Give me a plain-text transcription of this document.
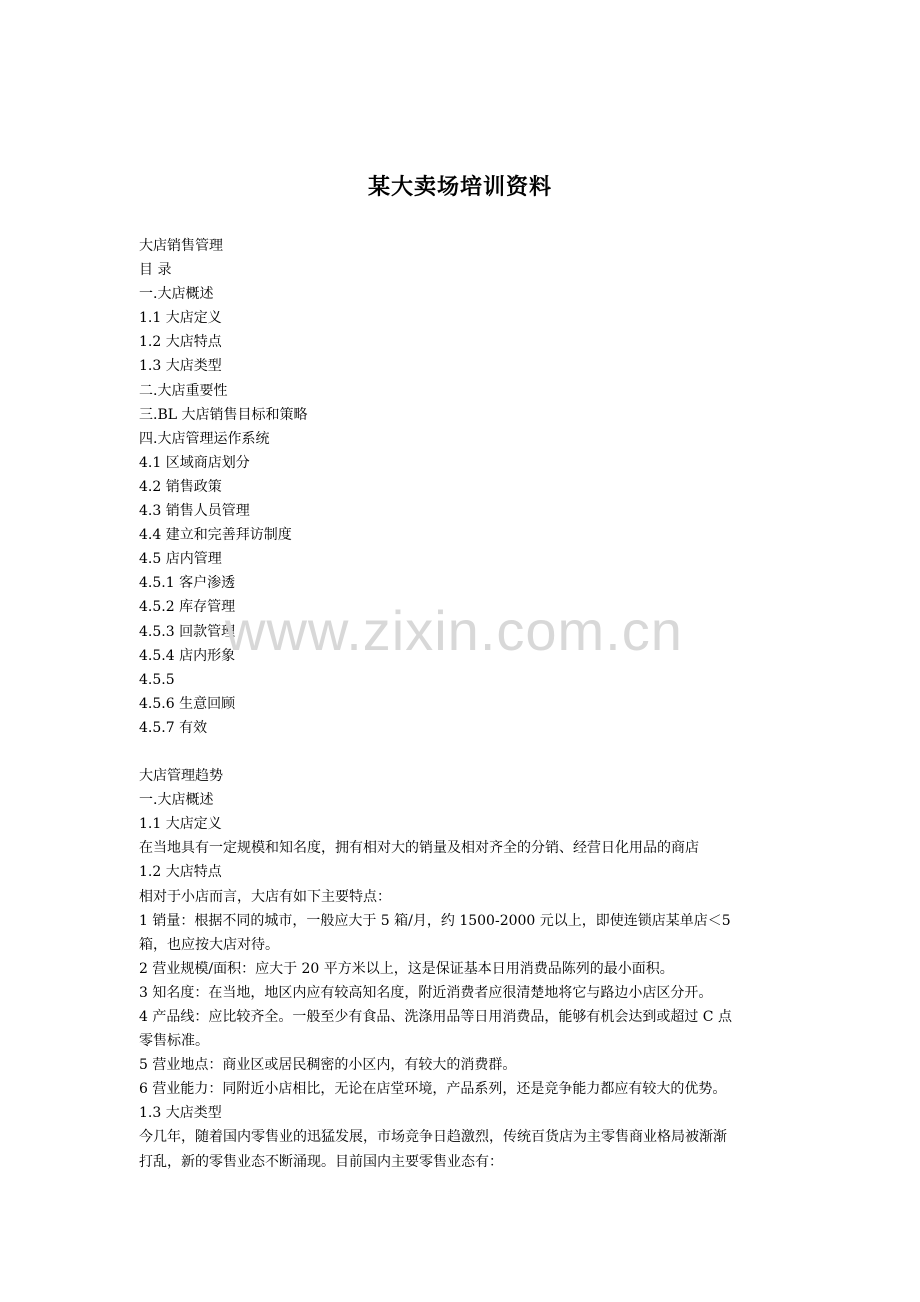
某大卖场培训资料
大店销售管理
目 录
一.大店概述
1.1 大店定义
1.2 大店特点
1.3 大店类型
二.大店重要性
三.BL 大店销售目标和策略
四.大店管理运作系统
4.1 区域商店划分
4.2 销售政策
4.3 销售人员管理
4.4 建立和完善拜访制度
4.5 店内管理
4.5.1 客户渗透
4.5.2 库存管理
4.5.3 回款管理
4.5.4 店内形象
4.5.5
4.5.6 生意回顾
4.5.7 有效
大店管理趋势
一.大店概述
1.1 大店定义
在当地具有一定规模和知名度，拥有相对大的销量及相对齐全的分销、经营日化用品的商店
1.2 大店特点
相对于小店而言，大店有如下主要特点：
1 销量：根据不同的城市，一般应大于 5 箱/月，约 1500-2000 元以上，即使连锁店某单店＜5
箱，也应按大店对待。
2 营业规模/面积：应大于 20 平方米以上，这是保证基本日用消费品陈列的最小面积。
3 知名度：在当地，地区内应有较高知名度，附近消费者应很清楚地将它与路边小店区分开。
4 产品线：应比较齐全。一般至少有食品、洗涤用品等日用消费品，能够有机会达到或超过 C 点
零售标准。
5 营业地点：商业区或居民稠密的小区内，有较大的消费群。
6 营业能力：同附近小店相比，无论在店堂环境，产品系列，还是竞争能力都应有较大的优势。
1.3 大店类型
今几年，随着国内零售业的迅猛发展，市场竞争日趋激烈，传统百货店为主零售商业格局被渐渐
打乱，新的零售业态不断涌现。目前国内主要零售业态有：
www.zixin.com.cn
